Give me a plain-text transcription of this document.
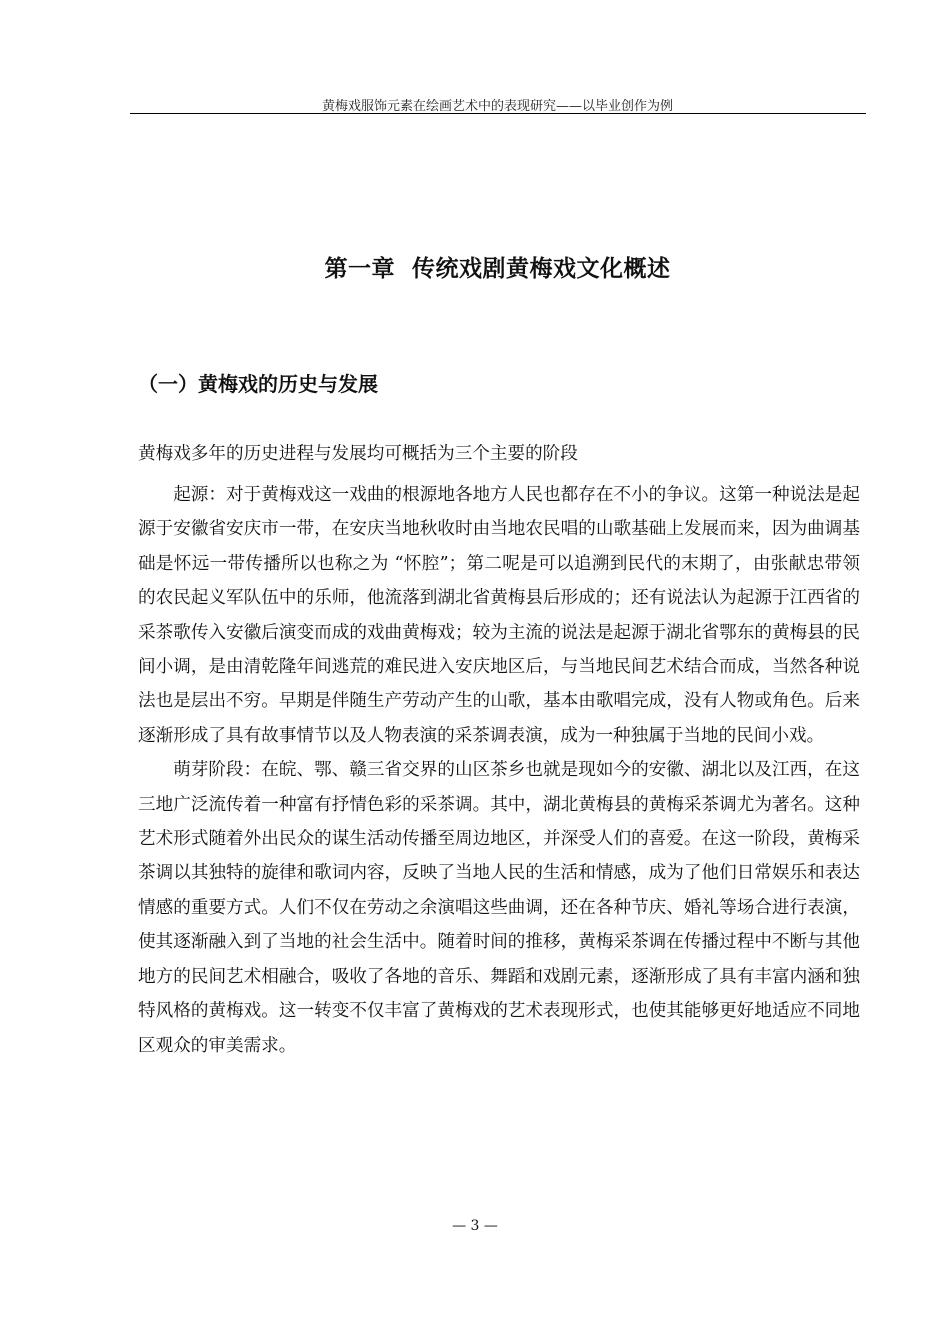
黄梅戏服饰元素在绘画艺术中的表现研究——以毕业创作为例
第一章  传统戏剧黄梅戏文化概述
（一）黄梅戏的历史与发展

黄梅戏多年的历史进程与发展均可概括为三个主要的阶段

起源：对于黄梅戏这一戏曲的根源地各地方人民也都存在不小的争议。这第一种说法是起源于安徽省安庆市一带，在安庆当地秋收时由当地农民唱的山歌基础上发展而来，因为曲调基础是怀远一带传播所以也称之为 “怀腔”；第二呢是可以追溯到民代的末期了，由张献忠带领的农民起义军队伍中的乐师，他流落到湖北省黄梅县后形成的；还有说法认为起源于江西省的采茶歌传入安徽后演变而成的戏曲黄梅戏；较为主流的说法是起源于湖北省鄂东的黄梅县的民间小调，是由清乾隆年间逃荒的难民进入安庆地区后，与当地民间艺术结合而成，当然各种说法也是层出不穷。早期是伴随生产劳动产生的山歌，基本由歌唱完成，没有人物或角色。后来逐渐形成了具有故事情节以及人物表演的采茶调表演，成为一种独属于当地的民间小戏。

萌芽阶段：在皖、鄂、赣三省交界的山区茶乡也就是现如今的安徽、湖北以及江西，在这三地广泛流传着一种富有抒情色彩的采茶调。其中，湖北黄梅县的黄梅采茶调尤为著名。这种艺术形式随着外出民众的谋生活动传播至周边地区，并深受人们的喜爱。在这一阶段，黄梅采茶调以其独特的旋律和歌词内容，反映了当地人民的生活和情感，成为了他们日常娱乐和表达情感的重要方式。人们不仅在劳动之余演唱这些曲调，还在各种节庆、婚礼等场合进行表演，使其逐渐融入到了当地的社会生活中。随着时间的推移，黄梅采茶调在传播过程中不断与其他地方的民间艺术相融合，吸收了各地的音乐、舞蹈和戏剧元素，逐渐形成了具有丰富内涵和独特风格的黄梅戏。这一转变不仅丰富了黄梅戏的艺术表现形式，也使其能够更好地适应不同地区观众的审美需求。

— 3 —
